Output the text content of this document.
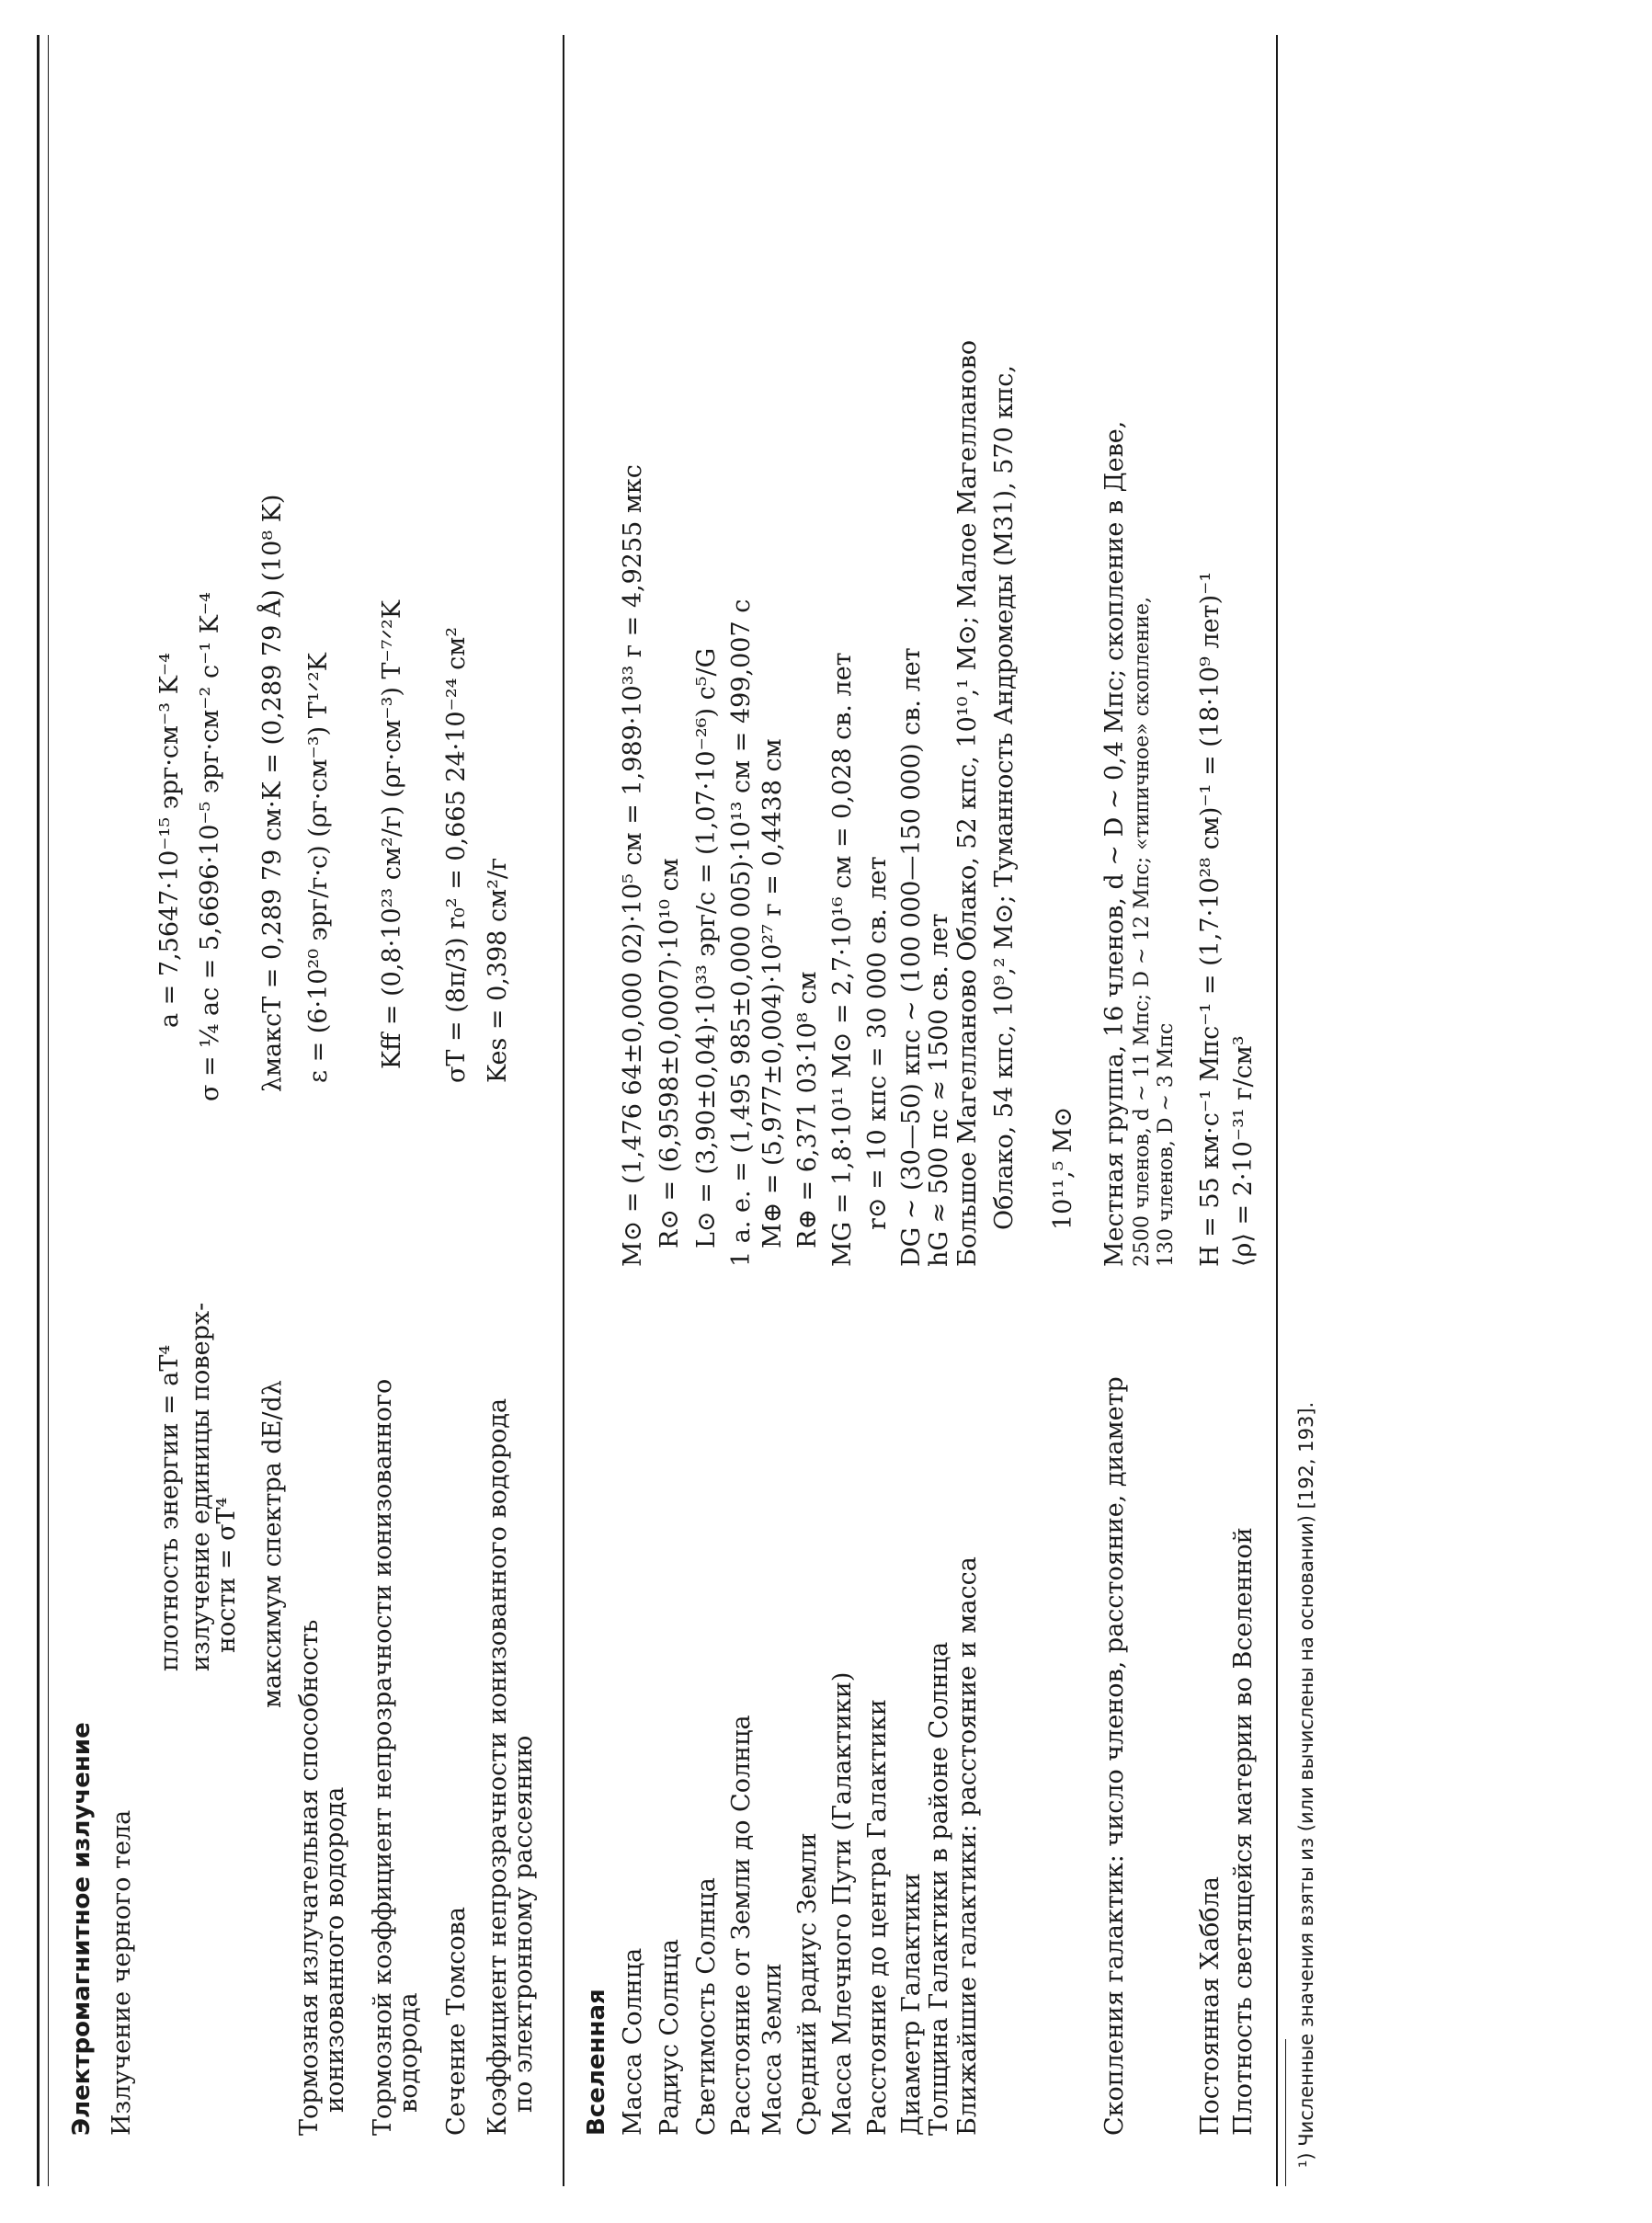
Электромагнитное излучение Излучение черного тела
плотность энергии = aT⁴
a = 7,5647·10⁻¹⁵ эрг·см⁻³ K⁻⁴
излучение единицы поверх-
ности = σT⁴
σ = ¼ ac = 5,6696·10⁻⁵ эрг·см⁻² с⁻¹ K⁻⁴
максимум спектра dE/dλ
λмаксT = 0,289 79 см·K = (0,289 79 Å) (10⁸ K)
Тормозная излучательная способность
ионизованного водорода
ε = (6·10²⁰ эрг/г·с) (ρг·см⁻³) T¹ᐟ²K
Тормозной коэффициент непрозрачности ионизованного
водорода
Kff = (0,8·10²³ см²/г) (ρг·см⁻³) T⁻⁷ᐟ²K
Сечение Томсова
σT = (8π/3) r₀² = 0,665 24·10⁻²⁴ см²
Коэффициент непрозрачности ионизованного водорода
по электронному рассеянию
Kes = 0,398 см²/г
Вселенная Масса Солнца
M⊙ = (1,476 64±0,000 02)·10⁵ см = 1,989·10³³ г = 4,9255 мкс
Радиус Солнца
R⊙ = (6,9598±0,0007)·10¹⁰ см
Светимость Солнца
L⊙ = (3,90±0,04)·10³³ эрг/с = (1,07·10⁻²⁶) c⁵/G
Расстояние от Земли до Солнца
1 а. е. = (1,495 985±0,000 005)·10¹³ см = 499,007 с
Масса Земли
M⊕ = (5,977±0,004)·10²⁷ г = 0,4438 см
Средний радиус Земли
R⊕ = 6,371 03·10⁸ см
Масса Млечного Пути (Галактики)
MG = 1,8·10¹¹ M⊙ = 2,7·10¹⁶ см = 0,028 св. лет
Расстояние до центра Галактики
r⊙ = 10 кпс = 30 000 св. лет
Диаметр Галактики
DG ~ (30—50) кпс ~ (100 000—150 000) св. лет
Толщина Галактики в районе Солнца
hG ≈ 500 пс ≈ 1500 св. лет
Ближайшие галактики: расстояние и масса
Большое Магелланово Облако, 52 кпс, 10¹⁰,¹ M⊙; Малое Магелланово Облако, 54 кпс, 10⁹,² M⊙; Туманность Андромеды (M31), 570 кпс, 10¹¹,⁵ M⊙
Скопления галактик: число членов, расстояние, диаметр
Местная группа, 16 членов, d ~ D ~ 0,4 Мпс; скопление в Деве, 2500 членов, d ~ 11 Мпс; D ~ 12 Мпс; «типичное» скопление, 130 членов, D ~ 3 Мпс
Постоянная Хаббла
H = 55 км·с⁻¹ Мпс⁻¹ = (1,7·10²⁸ см)⁻¹ = (18·10⁹ лет)⁻¹
Плотность светящейся материи во Вселенной
⟨ρ⟩ = 2·10⁻³¹ г/см³
¹) Численные значения взяты из (или вычислены на основании) [192, 193].
